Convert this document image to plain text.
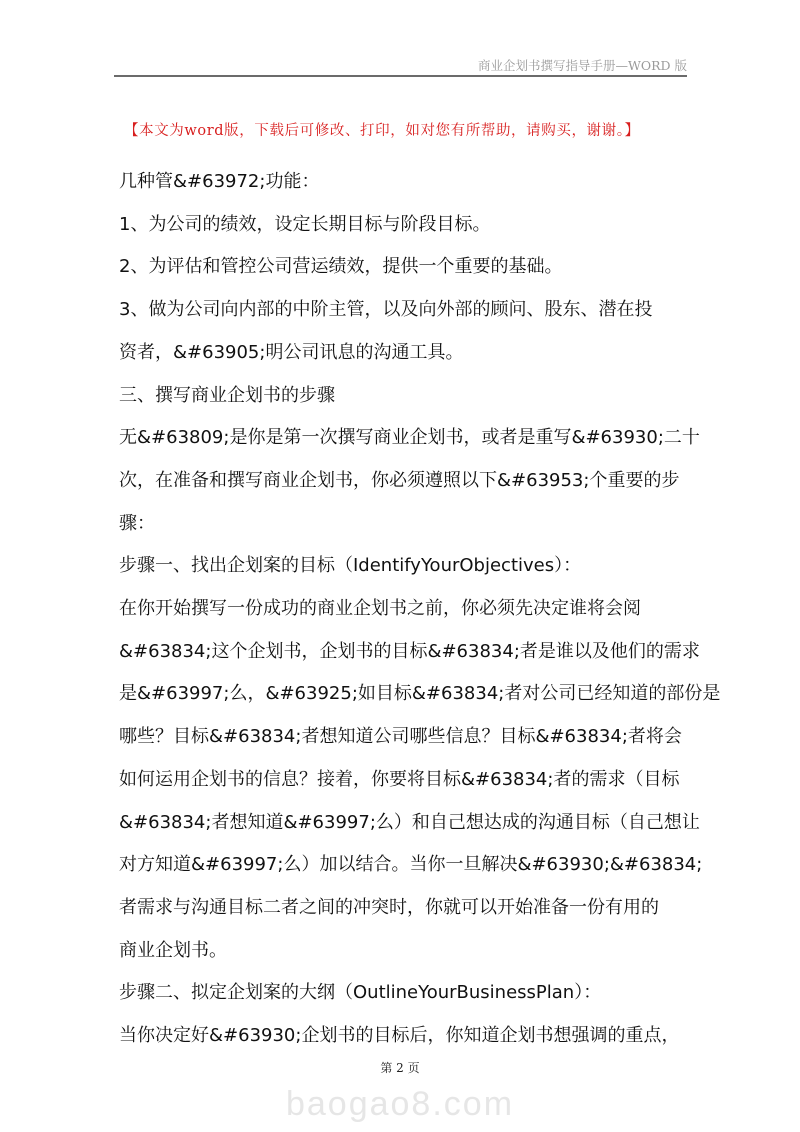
商业企划书撰写指导手册—WORD 版
【本文为word版，下载后可修改、打印，如对您有所帮助，请购买，谢谢。】
几种管&#63972;功能：
1、为公司的绩效，设定长期目标与阶段目标。
2、为评估和管控公司营运绩效，提供一个重要的基础。
3、做为公司向内部的中阶主管，以及向外部的顾问、股东、潜在投
资者，&#63905;明公司讯息的沟通工具。
三、撰写商业企划书的步骤
无&#63809;是你是第一次撰写商业企划书，或者是重写&#63930;二十
次，在准备和撰写商业企划书，你必须遵照以下&#63953;个重要的步
骤：
步骤一、找出企划案的目标（IdentifyYourObjectives）：
在你开始撰写一份成功的商业企划书之前，你必须先决定谁将会阅
&#63834;这个企划书，企划书的目标&#63834;者是谁以及他们的需求
是&#63997;么，&#63925;如目标&#63834;者对公司已经知道的部份是
哪些？目标&#63834;者想知道公司哪些信息？目标&#63834;者将会
如何运用企划书的信息？接着，你要将目标&#63834;者的需求（目标
&#63834;者想知道&#63997;么）和自己想达成的沟通目标（自己想让
对方知道&#63997;么）加以结合。当你一旦解决&#63930;&#63834;
者需求与沟通目标二者之间的冲突时，你就可以开始准备一份有用的
商业企划书。
步骤二、拟定企划案的大纲（OutlineYourBusinessPlan）：
当你决定好&#63930;企划书的目标后，你知道企划书想强调的重点，
第 2 页
baogao8.com
